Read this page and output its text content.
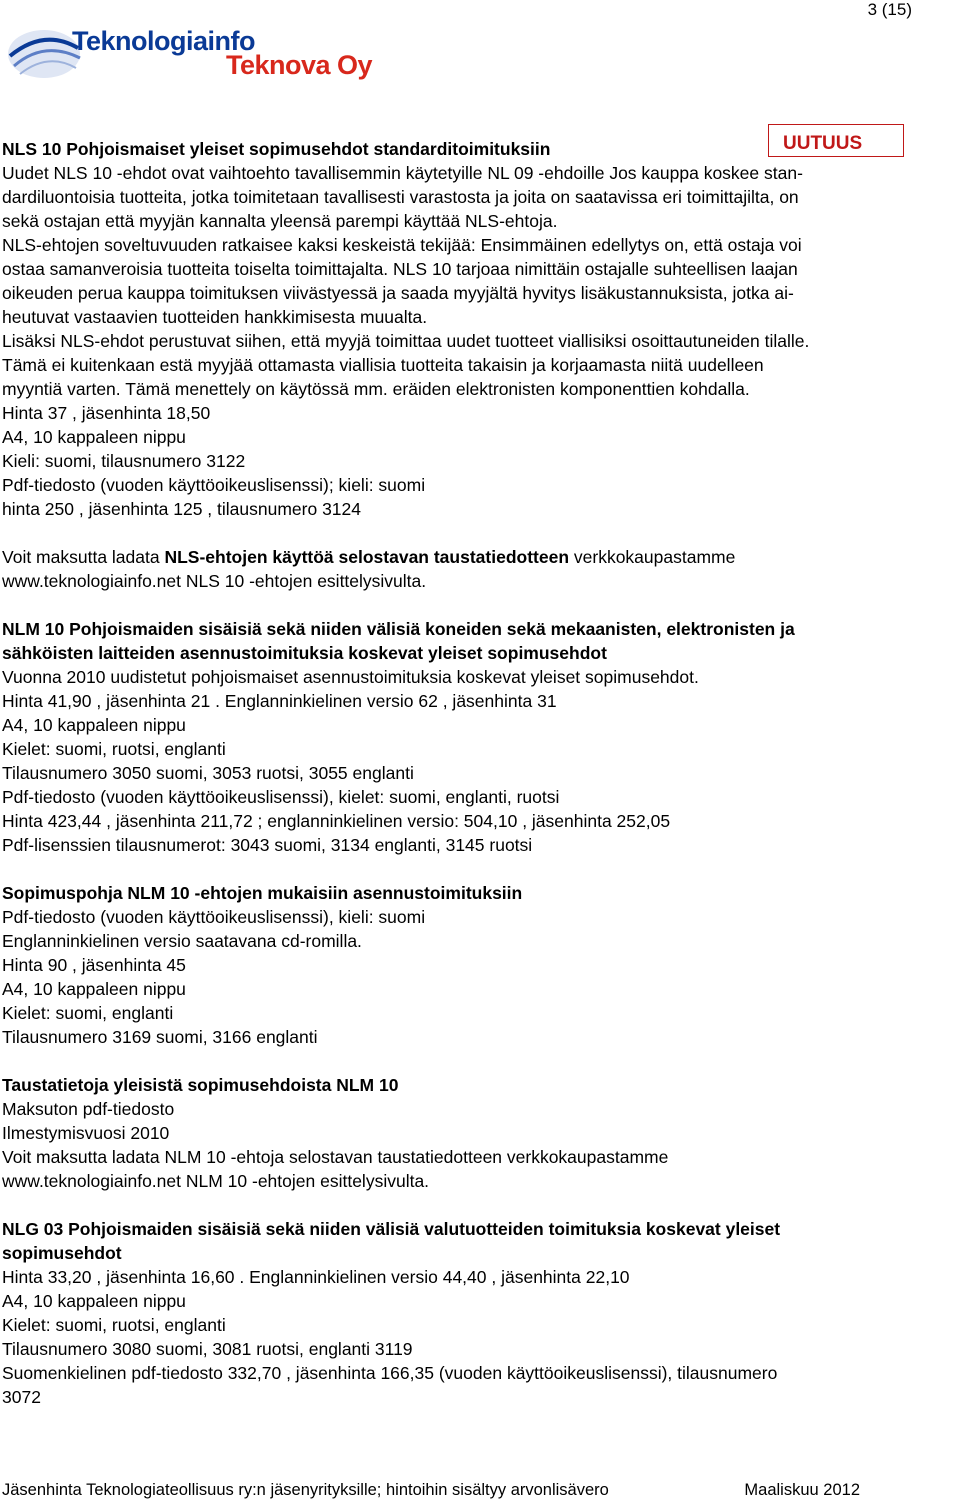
3 (15)
Teknologiainfo
Teknova Oy
UUTUUS
NLS 10 Pohjoismaiset yleiset sopimusehdot standarditoimituksiin
Uudet NLS 10 -ehdot ovat vaihtoehto tavallisemmin käytetyille NL 09 -ehdoille Jos kauppa koskee stan-
dardiluontoisia tuotteita, jotka toimitetaan tavallisesti varastosta ja joita on saatavissa eri toimittajilta, on
sekä ostajan että myyjän kannalta yleensä parempi käyttää NLS-ehtoja.
NLS-ehtojen soveltuvuuden ratkaisee kaksi keskeistä tekijää: Ensimmäinen edellytys on, että ostaja voi
ostaa samanveroisia tuotteita toiselta toimittajalta. NLS 10 tarjoaa nimittäin ostajalle suhteellisen laajan
oikeuden perua kauppa toimituksen viivästyessä ja saada myyjältä hyvitys lisäkustannuksista, jotka ai-
heutuvat vastaavien tuotteiden hankkimisesta muualta.
Lisäksi NLS-ehdot perustuvat siihen, että myyjä toimittaa uudet tuotteet viallisiksi osoittautuneiden tilalle.
Tämä ei kuitenkaan estä myyjää ottamasta viallisia tuotteita takaisin ja korjaamasta niitä uudelleen
myyntiä varten. Tämä menettely on käytössä mm. eräiden elektronisten komponenttien kohdalla.
Hinta 37 , jäsenhinta 18,50
A4, 10 kappaleen nippu
Kieli: suomi, tilausnumero 3122
Pdf-tiedosto (vuoden käyttöoikeuslisenssi); kieli: suomi
hinta 250 , jäsenhinta 125 , tilausnumero 3124
Voit maksutta ladata NLS-ehtojen käyttöä selostavan taustatiedotteen verkkokaupastamme
www.teknologiainfo.net NLS 10 -ehtojen esittelysivulta.
NLM 10 Pohjoismaiden sisäisiä sekä niiden välisiä koneiden sekä mekaanisten, elektronisten ja
sähköisten laitteiden asennustoimituksia koskevat yleiset sopimusehdot
Vuonna 2010 uudistetut pohjoismaiset asennustoimituksia koskevat yleiset sopimusehdot.
Hinta 41,90 , jäsenhinta 21 . Englanninkielinen versio 62 , jäsenhinta 31
A4, 10 kappaleen nippu
Kielet: suomi, ruotsi, englanti
Tilausnumero 3050 suomi, 3053 ruotsi, 3055 englanti
Pdf-tiedosto (vuoden käyttöoikeuslisenssi), kielet: suomi, englanti, ruotsi
Hinta 423,44 , jäsenhinta 211,72 ; englanninkielinen versio: 504,10 , jäsenhinta 252,05
Pdf-lisenssien tilausnumerot: 3043 suomi, 3134 englanti, 3145 ruotsi
Sopimuspohja NLM 10 -ehtojen mukaisiin asennustoimituksiin
Pdf-tiedosto (vuoden käyttöoikeuslisenssi), kieli: suomi
Englanninkielinen versio saatavana cd-romilla.
Hinta 90 , jäsenhinta 45
A4, 10 kappaleen nippu
Kielet: suomi, englanti
Tilausnumero 3169 suomi, 3166 englanti
Taustatietoja yleisistä sopimusehdoista NLM 10
Maksuton pdf-tiedosto
Ilmestymisvuosi 2010
Voit maksutta ladata NLM 10 -ehtoja selostavan taustatiedotteen verkkokaupastamme
www.teknologiainfo.net NLM 10 -ehtojen esittelysivulta.
NLG 03 Pohjoismaiden sisäisiä sekä niiden välisiä valutuotteiden toimituksia koskevat yleiset
sopimusehdot
Hinta 33,20 , jäsenhinta 16,60 . Englanninkielinen versio 44,40 , jäsenhinta 22,10
A4, 10 kappaleen nippu
Kielet: suomi, ruotsi, englanti
Tilausnumero 3080 suomi, 3081 ruotsi, englanti 3119
Suomenkielinen pdf-tiedosto 332,70 , jäsenhinta 166,35 (vuoden käyttöoikeuslisenssi), tilausnumero
3072
Jäsenhinta Teknologiateollisuus ry:n jäsenyrityksille; hintoihin sisältyy arvonlisävero	Maaliskuu 2012
